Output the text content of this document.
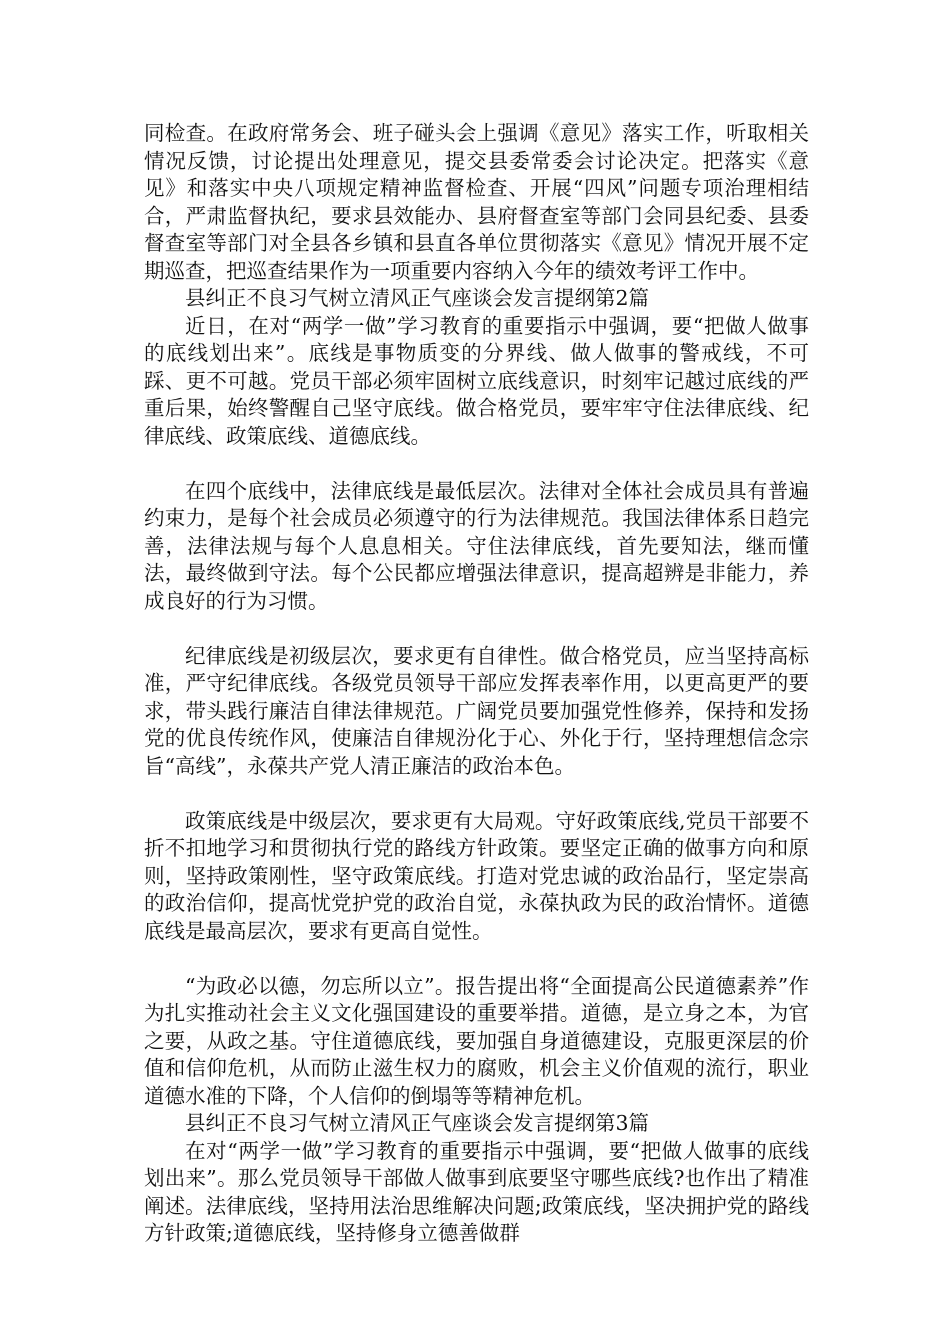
同检查。在政府常务会、班子碰头会上强调《意见》落实工作，听取相关情况反馈，讨论提出处理意见，提交县委常委会讨论决定。把落实《意见》和落实中央八项规定精神监督检查、开展“四风”问题专项治理相结合，严肃监督执纪，要求县效能办、县府督查室等部门会同县纪委、县委督查室等部门对全县各乡镇和县直各单位贯彻落实《意见》情况开展不定期巡查，把巡查结果作为一项重要内容纳入今年的绩效考评工作中。

县纠正不良习气树立清风正气座谈会发言提纲第2篇

近日，在对“两学一做”学习教育的重要指示中强调，要“把做人做事的底线划出来”。底线是事物质变的分界线、做人做事的警戒线，不可踩、更不可越。党员干部必须牢固树立底线意识，时刻牢记越过底线的严重后果，始终警醒自己坚守底线。做合格党员，要牢牢守住法律底线、纪律底线、政策底线、道德底线。

在四个底线中，法律底线是最低层次。法律对全体社会成员具有普遍约束力，是每个社会成员必须遵守的行为法律规范。我国法律体系日趋完善，法律法规与每个人息息相关。守住法律底线，首先要知法，继而懂法，最终做到守法。每个公民都应增强法律意识，提高超辨是非能力，养成良好的行为习惯。

纪律底线是初级层次，要求更有自律性。做合格党员，应当坚持高标准，严守纪律底线。各级党员领导干部应发挥表率作用，以更高更严的要求，带头践行廉洁自律法律规范。广阔党员要加强党性修养，保持和发扬党的优良传统作风，使廉洁自律规汾化于心、外化于行，坚持理想信念宗旨“高线”，永葆共产党人清正廉洁的政治本色。

政策底线是中级层次，要求更有大局观。守好政策底线,党员干部要不折不扣地学习和贯彻执行党的路线方针政策。要坚定正确的做事方向和原则，坚持政策刚性，坚守政策底线。打造对党忠诚的政治品行，坚定崇高的政治信仰，提高忧党护党的政治自觉，永葆执政为民的政治情怀。道德底线是最高层次，要求有更高自觉性。

“为政必以德，勿忘所以立”。报告提出将“全面提高公民道德素养”作为扎实推动社会主义文化强国建设的重要举措。道德，是立身之本，为官之要，从政之基。守住道德底线，要加强自身道德建设，克服更深层的价值和信仰危机，从而防止滋生权力的腐败，机会主义价值观的流行，职业道德水准的下降，个人信仰的倒塌等等精神危机。

县纠正不良习气树立清风正气座谈会发言提纲第3篇

在对“两学一做”学习教育的重要指示中强调，要“把做人做事的底线划出来”。那么党员领导干部做人做事到底要坚守哪些底线?也作出了精准阐述。法律底线，坚持用法治思维解决问题;政策底线，坚决拥护党的路线方针政策;道德底线，坚持修身立德善做群
